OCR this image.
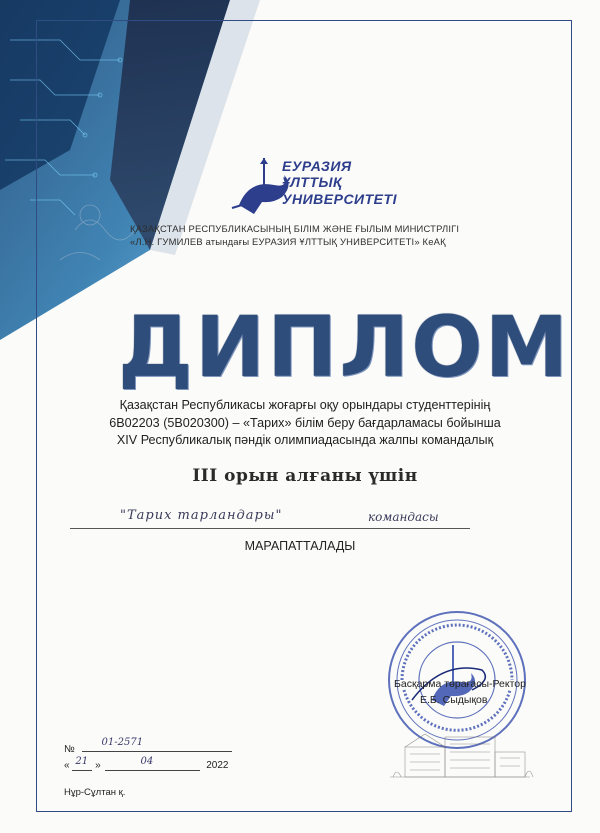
ЕУРАЗИЯ
ҰЛТТЫҚ
УНИВЕРСИТЕТІ
ҚАЗАҚСТАН РЕСПУБЛИКАСЫНЫҢ БІЛІМ ЖӘНЕ ҒЫЛЫМ МИНИСТРЛІГІ
«Л.Н. ГУМИЛЕВ атындағы ЕУРАЗИЯ ҰЛТТЫҚ УНИВЕРСИТЕТІ» КеАҚ
ДИПЛОМ
Қазақстан Республикасы жоғарғы оқу орындары студенттерінің
6В02203 (5В020300) – «Тарих» білім беру бағдарламасы бойынша
XIV Республикалық пәндік олимпиадасында жалпы командалық
III орын алғаны үшін
"Тарих тарландары"	командасы
МАРАПАТТАЛАДЫ
Басқарма төрағасы-Ректор
Е.Б. Сыдықов
№
01-2571
« 21 »	04	2022
Нұр-Сұлтан қ.
